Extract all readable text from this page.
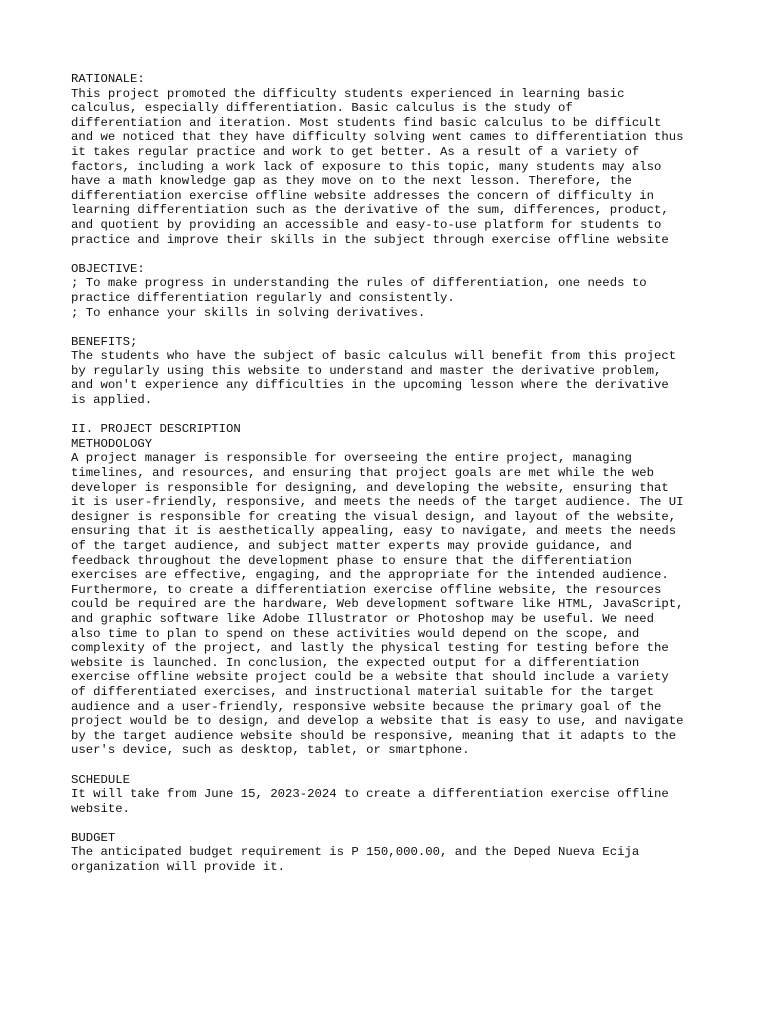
RATIONALE:
This project promoted the difficulty students experienced in learning basic
calculus, especially differentiation. Basic calculus is the study of
differentiation and iteration. Most students find basic calculus to be difficult
and we noticed that they have difficulty solving went cames to differentiation thus
it takes regular practice and work to get better. As a result of a variety of
factors, including a work lack of exposure to this topic, many students may also
have a math knowledge gap as they move on to the next lesson. Therefore, the
differentiation exercise offline website addresses the concern of difficulty in
learning differentiation such as the derivative of the sum, differences, product,
and quotient by providing an accessible and easy-to-use platform for students to
practice and improve their skills in the subject through exercise offline website
OBJECTIVE:
; To make progress in understanding the rules of differentiation, one needs to
practice differentiation regularly and consistently.
; To enhance your skills in solving derivatives.
BENEFITS;
The students who have the subject of basic calculus will benefit from this project
by regularly using this website to understand and master the derivative problem,
and won't experience any difficulties in the upcoming lesson where the derivative
is applied.
II. PROJECT DESCRIPTION
METHODOLOGY
A project manager is responsible for overseeing the entire project, managing
timelines, and resources, and ensuring that project goals are met while the web
developer is responsible for designing, and developing the website, ensuring that
it is user-friendly, responsive, and meets the needs of the target audience. The UI
designer is responsible for creating the visual design, and layout of the website,
ensuring that it is aesthetically appealing, easy to navigate, and meets the needs
of the target audience, and subject matter experts may provide guidance, and
feedback throughout the development phase to ensure that the differentiation
exercises are effective, engaging, and the appropriate for the intended audience.
Furthermore, to create a differentiation exercise offline website, the resources
could be required are the hardware, Web development software like HTML, JavaScript,
and graphic software like Adobe Illustrator or Photoshop may be useful. We need
also time to plan to spend on these activities would depend on the scope, and
complexity of the project, and lastly the physical testing for testing before the
website is launched. In conclusion, the expected output for a differentiation
exercise offline website project could be a website that should include a variety
of differentiated exercises, and instructional material suitable for the target
audience and a user-friendly, responsive website because the primary goal of the
project would be to design, and develop a website that is easy to use, and navigate
by the target audience website should be responsive, meaning that it adapts to the
user's device, such as desktop, tablet, or smartphone.
SCHEDULE
It will take from June 15, 2023-2024 to create a differentiation exercise offline
website.
BUDGET
The anticipated budget requirement is P 150,000.00, and the Deped Nueva Ecija
organization will provide it.
